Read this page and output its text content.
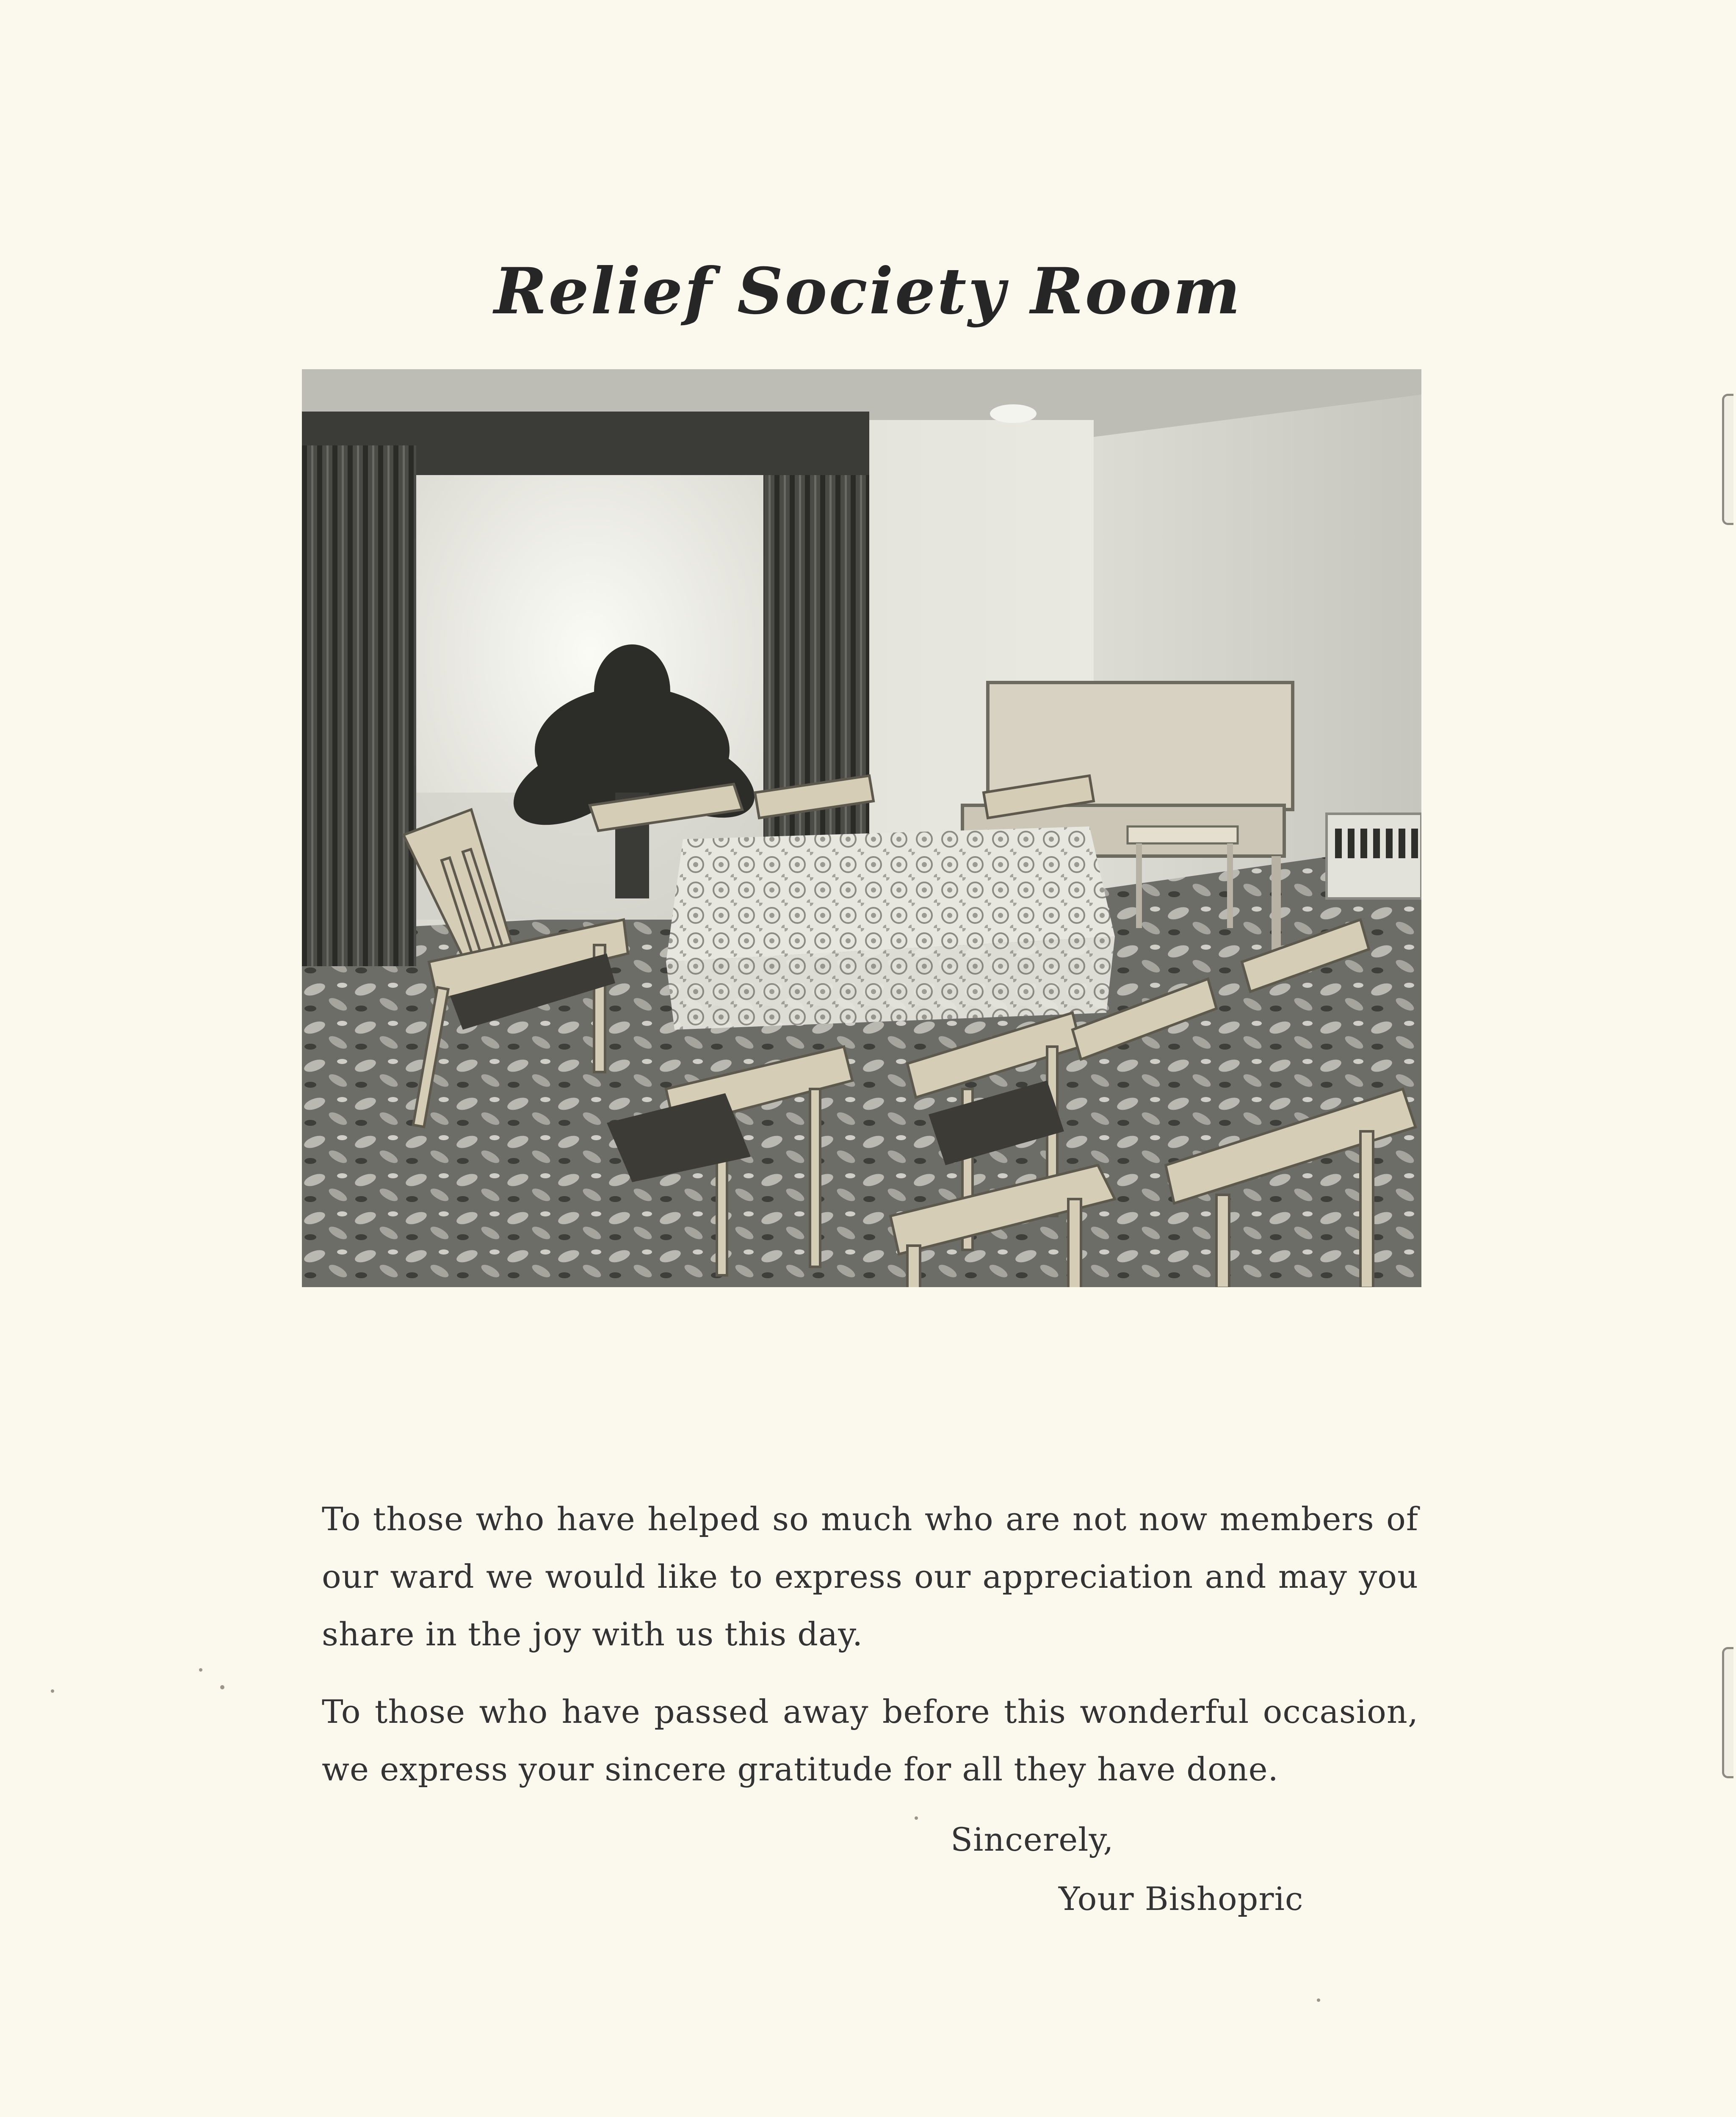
Relief Society Room
To those who have helped so much who are not now members of our ward we would like to express our appreciation and may you share in the joy with us this day.
To those who have passed away before this wonderful occasion, we express your sincere gratitude for all they have done.
Sincerely,
Your Bishopric
